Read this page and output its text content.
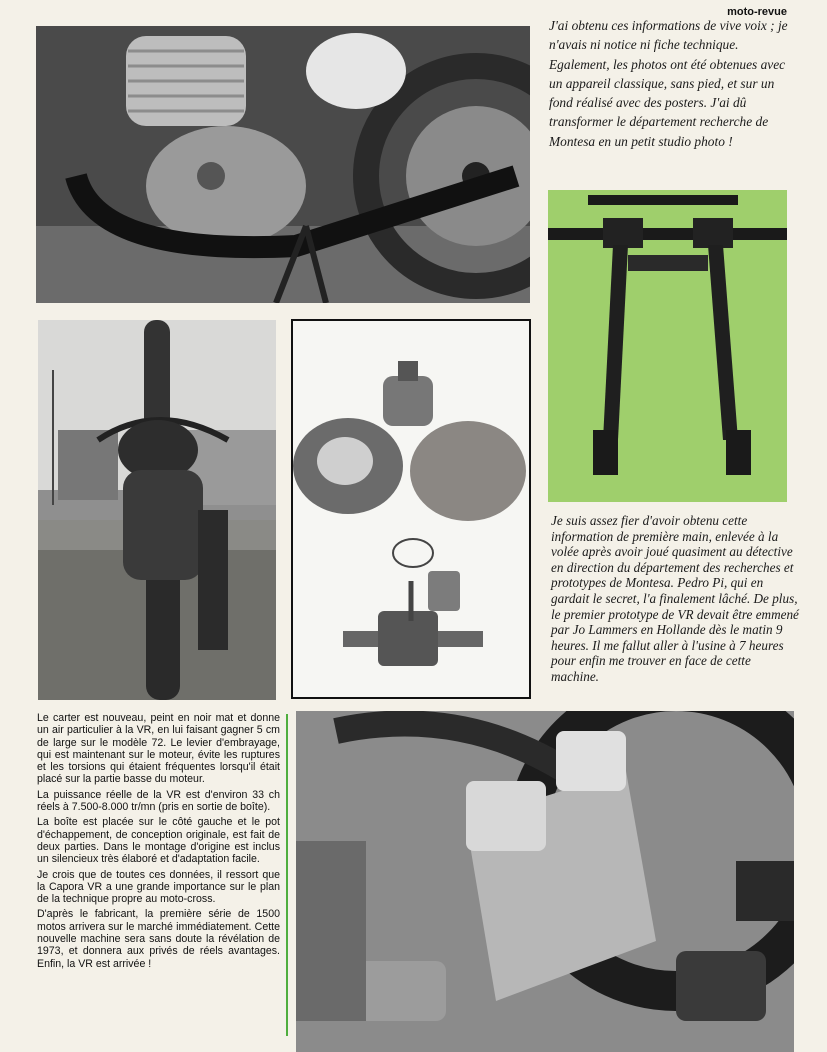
moto-revue

J'ai obtenu ces informations de vive voix ; je n'avais ni notice ni fiche technique. Egalement, les photos ont été obtenues avec un appareil classique, sans pied, et sur un fond réalisé avec des posters. J'ai dû transformer le département recherche de Montesa en un petit studio photo !

Je suis assez fier d'avoir obtenu cette information de première main, enlevée à la volée après avoir joué quasiment au détective en direction du département des recherches et prototypes de Montesa. Pedro Pi, qui en gardait le secret, l'a finalement lâché. De plus, le premier prototype de VR devait être emmené par Jo Lammers en Hollande dès le matin 9 heures. Il me fallut aller à l'usine à 7 heures pour enfin me trouver en face de cette machine.

Le carter est nouveau, peint en noir mat et donne un air particulier à la VR, en lui faisant gagner 5 cm de large sur le modèle 72. Le levier d'embrayage, qui est maintenant sur le moteur, évite les ruptures et les torsions qui étaient fréquentes lorsqu'il était placé sur la partie basse du moteur.

La puissance réelle de la VR est d'environ 33 ch réels à 7.500-8.000 tr/mn (pris en sortie de boîte).

La boîte est placée sur le côté gauche et le pot d'échappement, de conception originale, est fait de deux parties. Dans le montage d'origine est inclus un silencieux très élaboré et d'adaptation facile.

Je crois que de toutes ces données, il ressort que la Capora VR a une grande importance sur le plan de la technique propre au moto-cross.

D'après le fabricant, la première série de 1500 motos arrivera sur le marché immédiatement. Cette nouvelle machine sera sans doute la révélation de 1973, et donnera aux privés de réels avantages. Enfin, la VR est arrivée !
